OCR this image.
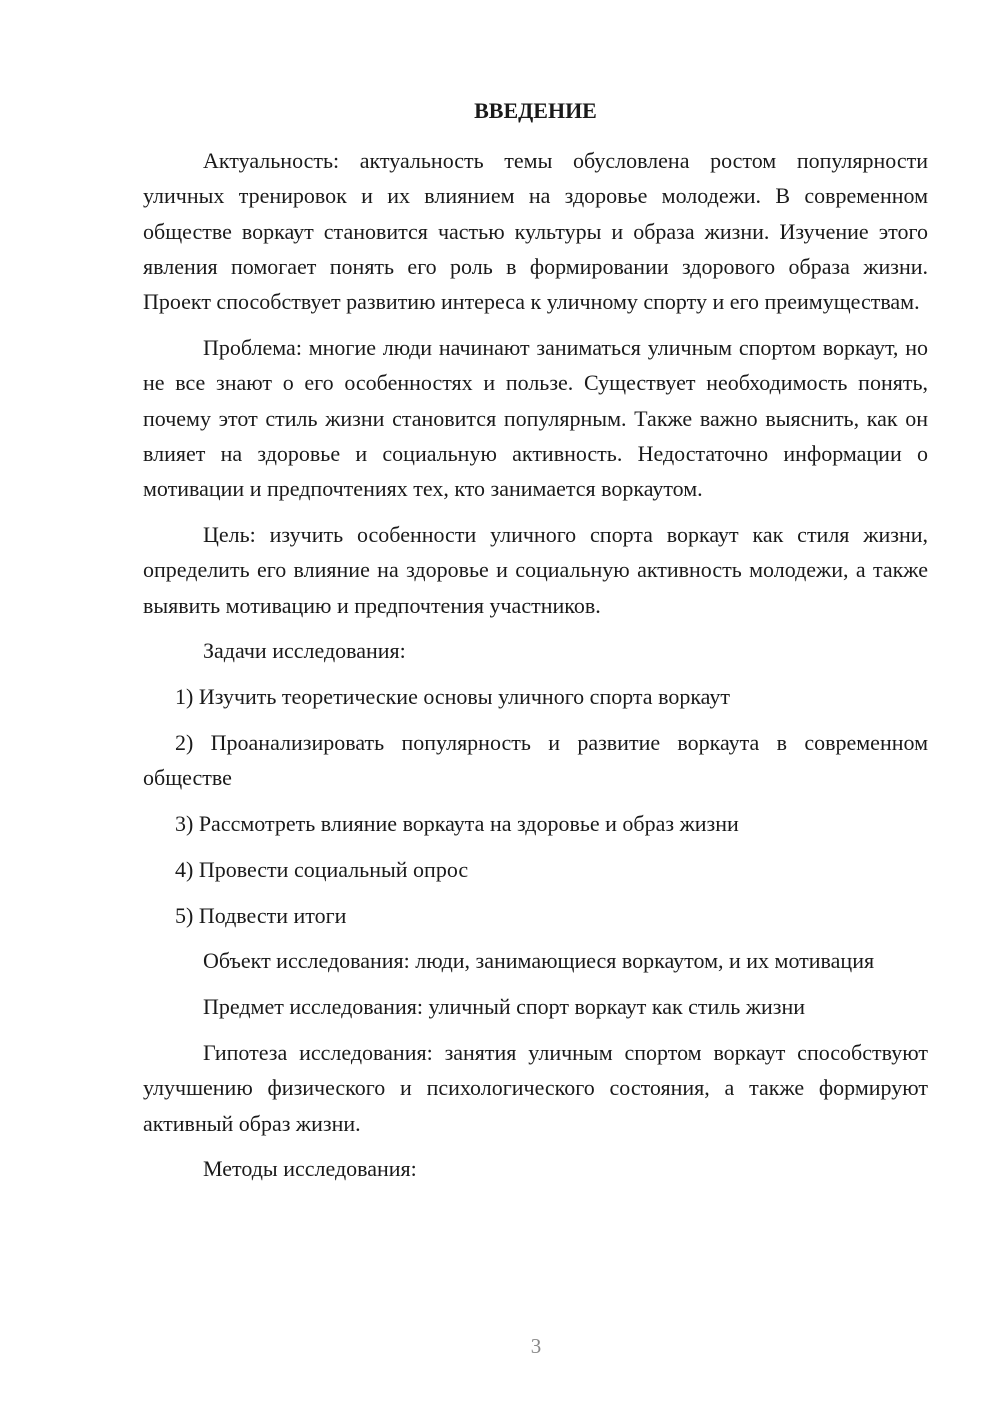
ВВЕДЕНИЕ

Актуальность: актуальность темы обусловлена ростом популярности уличных тренировок и их влиянием на здоровье молодежи. В современном обществе воркаут становится частью культуры и образа жизни. Изучение этого явления помогает понять его роль в формировании здорового образа жизни. Проект способствует развитию интереса к уличному спорту и его преимуществам.

Проблема: многие люди начинают заниматься уличным спортом воркаут, но не все знают о его особенностях и пользе. Существует необходимость понять, почему этот стиль жизни становится популярным. Также важно выяснить, как он влияет на здоровье и социальную активность. Недостаточно информации о мотивации и предпочтениях тех, кто занимается воркаутом.

Цель: изучить особенности уличного спорта воркаут как стиля жизни, определить его влияние на здоровье и социальную активность молодежи, а также выявить мотивацию и предпочтения участников.

Задачи исследования:

1) Изучить теоретические основы уличного спорта воркаут

2) Проанализировать популярность и развитие воркаута в современном обществе

3) Рассмотреть влияние воркаута на здоровье и образ жизни

4) Провести социальный опрос

5) Подвести итоги

Объект исследования: люди, занимающиеся воркаутом, и их мотивация

Предмет исследования: уличный спорт воркаут как стиль жизни

Гипотеза исследования: занятия уличным спортом воркаут способствуют улучшению физического и психологического состояния, а также формируют активный образ жизни.

Методы исследования:

3
